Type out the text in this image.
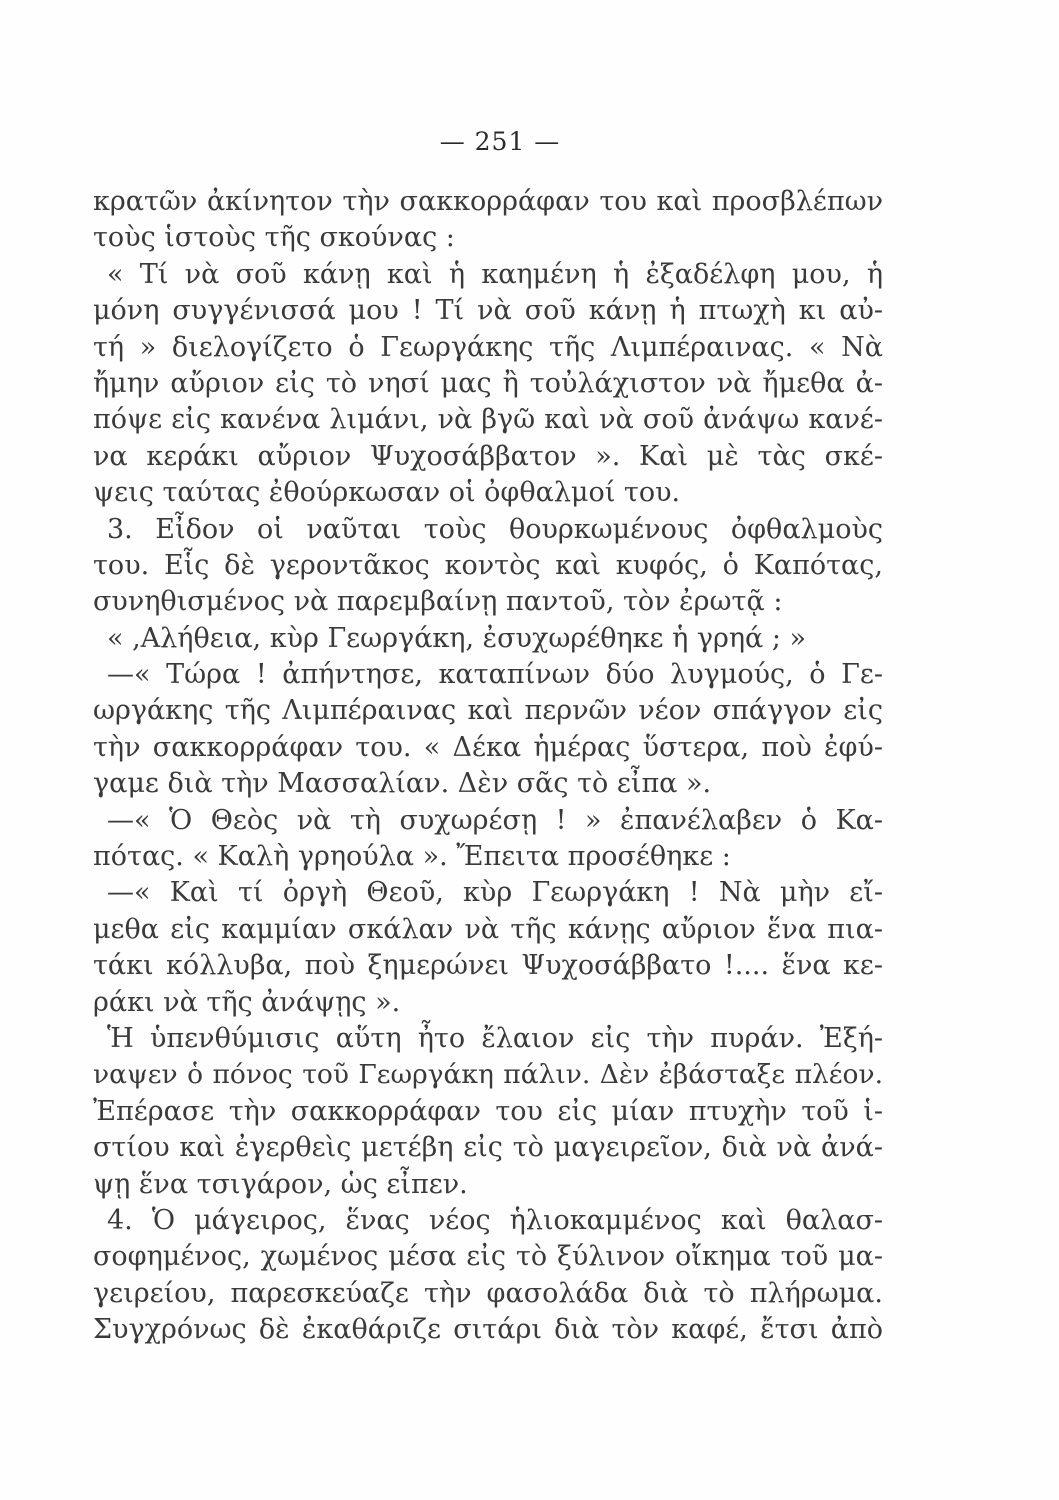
— 251 —
κρατῶν ἀκίνητον τὴν σακκορράφαν του καὶ προσβλέπων
τοὺς ἱστοὺς τῆς σκούνας :
« Τί νὰ σοῦ κάνῃ καὶ ἡ καημένη ἡ ἐξαδέλφη μου, ἡ
μόνη συγγένισσά μου ! Τί νὰ σοῦ κάνῃ ἡ πτωχὴ κι αὐ-
τή » διελογίζετο ὁ Γεωργάκης τῆς Λιμπέραινας. « Νὰ
ἤμην αὔριον εἰς τὸ νησί μας ἢ τοὐλάχιστον νὰ ἤμεθα ἀ-
πόψε εἰς κανένα λιμάνι, νὰ βγῶ καὶ νὰ σοῦ ἀνάψω κανέ-
να κεράκι αὔριον Ψυχοσάββατον ». Καὶ μὲ τὰς σκέ-
ψεις ταύτας ἐθούρκωσαν οἱ ὀφθαλμοί του.
3. Εἶδον οἱ ναῦται τοὺς θουρκωμένους ὀφθαλμοὺς
του. Εἷς δὲ γεροντᾶκος κοντὸς καὶ κυφός, ὁ Καπότας,
συνηθισμένος νὰ παρεμβαίνῃ παντοῦ, τὸν ἐρωτᾷ :
« ,Αλήθεια, κὺρ Γεωργάκη, ἐσυχωρέθηκε ἡ γρηά ; »
—« Τώρα ! ἀπήντησε, καταπίνων δύο λυγμούς, ὁ Γε-
ωργάκης τῆς Λιμπέραινας καὶ περνῶν νέον σπάγγον εἰς
τὴν σακκορράφαν του. « Δέκα ἡμέρας ὕστερα, ποὺ ἐφύ-
γαμε διὰ τὴν Μασσαλίαν. Δὲν σᾶς τὸ εἶπα ».
—« Ὁ Θεὸς νὰ τὴ συχωρέσῃ ! » ἐπανέλαβεν ὁ Κα-
πότας. « Καλὴ γρηούλα ». Ἔπειτα προσέθηκε :
—« Καὶ τί ὀργὴ Θεοῦ, κὺρ Γεωργάκη ! Νὰ μὴν εἴ-
μεθα εἰς καμμίαν σκάλαν νὰ τῆς κάνῃς αὔριον ἕνα πια-
τάκι κόλλυβα, ποὺ ξημερώνει Ψυχοσάββατο !.... ἕνα κε-
ράκι νὰ τῆς ἀνάψῃς ».
Ἡ ὑπενθύμισις αὕτη ἦτο ἔλαιον εἰς τὴν πυράν. Ἐξή-
ναψεν ὁ πόνος τοῦ Γεωργάκη πάλιν. Δὲν ἐβάσταξε πλέον.
Ἐπέρασε τὴν σακκορράφαν του εἰς μίαν πτυχὴν τοῦ ἱ-
στίου καὶ ἐγερθεὶς μετέβη εἰς τὸ μαγειρεῖον, διὰ νὰ ἀνά-
ψῃ ἕνα τσιγάρον, ὡς εἶπεν.
4. Ὁ μάγειρος, ἕνας νέος ἡλιοκαμμένος καὶ θαλασ-
σοφημένος, χωμένος μέσα εἰς τὸ ξύλινον οἴκημα τοῦ μα-
γειρείου, παρεσκεύαζε τὴν φασολάδα διὰ τὸ πλήρωμα.
Συγχρόνως δὲ ἐκαθάριζε σιτάρι διὰ τὸν καφέ, ἔτσι ἀπὸ
